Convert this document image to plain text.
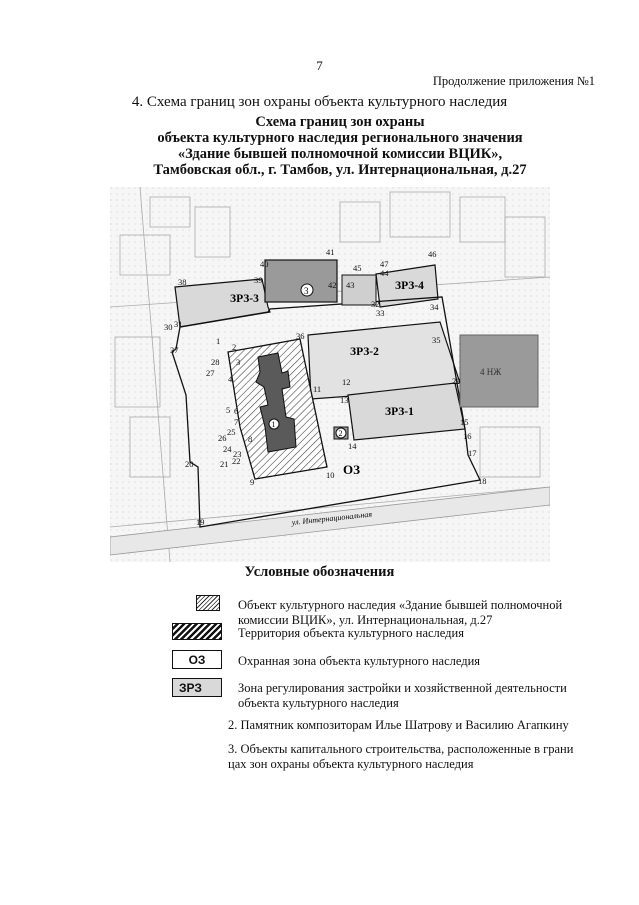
7
Продолжение приложения №1
4. Схема границ зон охраны объекта культурного наследия
Схема границ зон охраны
объекта культурного наследия регионального значения
«Здание бывшей полномочной комиссии ВЦИК»,
Тамбовская обл., г. Тамбов, ул. Интернациональная, д.27
ул. Интернациональная
4 НЖ
3
2
1
ЗРЗ-3
ЗРЗ-4
ЗРЗ-2
ЗРЗ-1
ОЗ
1
2
3
4
5 6
7
8
9
10
11
12
13
14
15
16
17
18
19
20	21 22
23
24
25
26
27
28
29
30 31
32
33
34
35
36
37
38	39
40
41
42 43
44
45
46
47
Условные обозначения
Объект культурного наследия «Здание бывшей полномочной
комиссии ВЦИК», ул. Интернациональная, д.27
Территория объекта культурного наследия
ОЗ	Охранная зона объекта культурного наследия
ЗРЗ	Зона регулирования застройки и хозяйственной деятельности
объекта культурного наследия
2. Памятник композиторам Илье Шатрову и Василию Агапкину
3. Объекты капитального строительства, расположенные в грани
цах зон охраны объекта культурного наследия
